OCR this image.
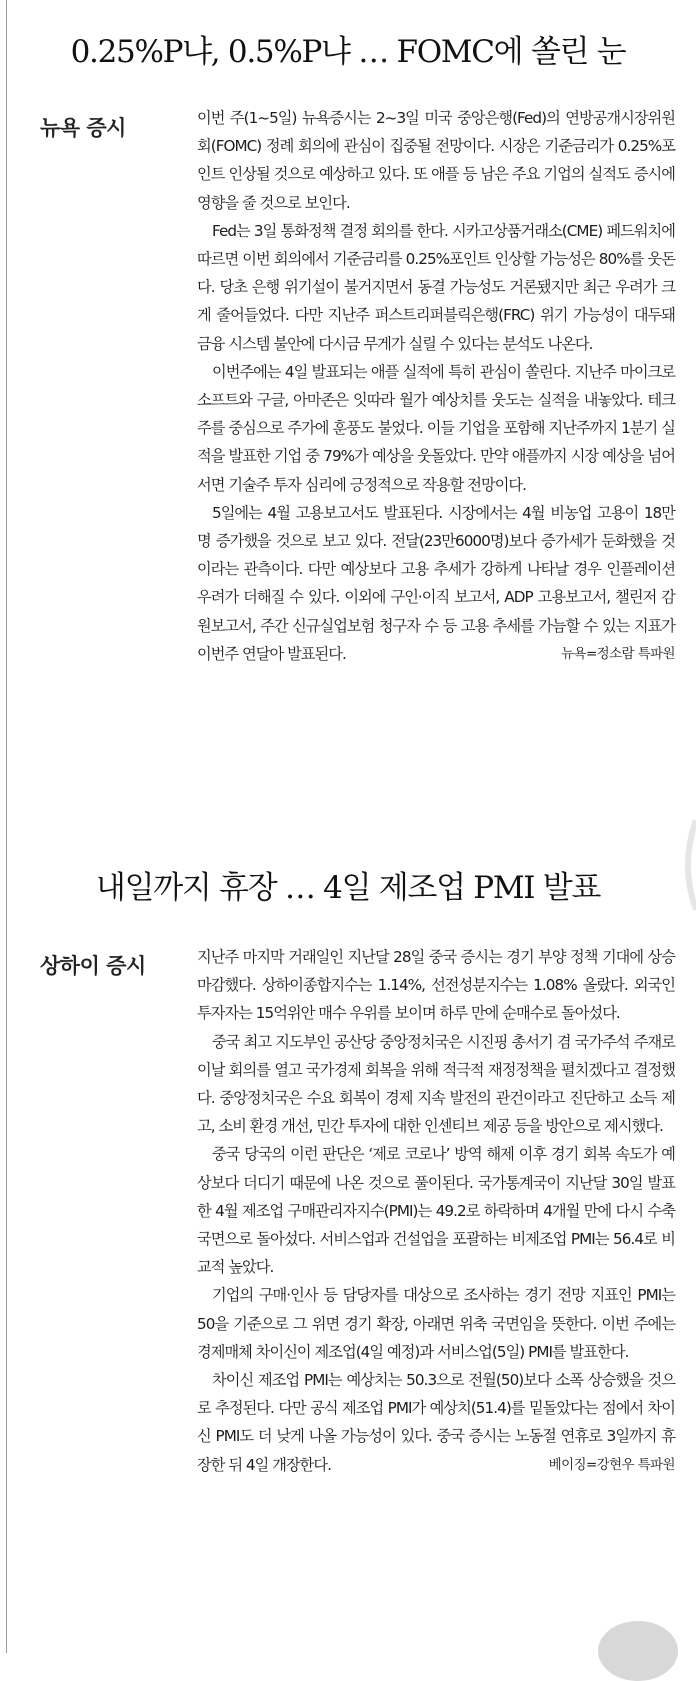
0.25%P냐, 0.5%P냐 … FOMC에 쏠린 눈
뉴욕 증시	이번 주(1~5일) 뉴욕증시는 2~3일 미국 중앙은행(Fed)의 연방공개시장위원회(FOMC) 정례 회의에 관심이 집중될 전망이다. 시장은 기준금리가 0.25%포인트 인상될 것으로 예상하고 있다. 또 애플 등 남은 주요 기업의 실적도 증시에 영향을 줄 것으로 보인다.

Fed는 3일 통화정책 결정 회의를 한다. 시카고상품거래소(CME) 페드워치에 따르면 이번 회의에서 기준금리를 0.25%포인트 인상할 가능성은 80%를 웃돈다. 당초 은행 위기설이 불거지면서 동결 가능성도 거론됐지만 최근 우려가 크게 줄어들었다. 다만 지난주 퍼스트리퍼블릭은행(FRC) 위기 가능성이 대두돼 금융 시스템 불안에 다시금 무게가 실릴 수 있다는 분석도 나온다.

이번주에는 4일 발표되는 애플 실적에 특히 관심이 쏠린다. 지난주 마이크로소프트와 구글, 아마존은 잇따라 월가 예상치를 웃도는 실적을 내놓았다. 테크주를 중심으로 주가에 훈풍도 불었다. 이들 기업을 포함해 지난주까지 1분기 실적을 발표한 기업 중 79%가 예상을 웃돌았다. 만약 애플까지 시장 예상을 넘어서면 기술주 투자 심리에 긍정적으로 작용할 전망이다.

5일에는 4월 고용보고서도 발표된다. 시장에서는 4월 비농업 고용이 18만 명 증가했을 것으로 보고 있다. 전달(23만6000명)보다 증가세가 둔화했을 것이라는 관측이다. 다만 예상보다 고용 추세가 강하게 나타날 경우 인플레이션 우려가 더해질 수 있다. 이외에 구인·이직 보고서, ADP 고용보고서, 챌린저 감원보고서, 주간 신규실업보험 청구자 수 등 고용 추세를 가늠할 수 있는 지표가 이번주 연달아 발표된다.	뉴욕=정소람 특파원

내일까지 휴장 … 4일 제조업 PMI 발표
상하이 증시	지난주 마지막 거래일인 지난달 28일 중국 증시는 경기 부양 정책 기대에 상승 마감했다. 상하이종합지수는 1.14%, 선전성분지수는 1.08% 올랐다. 외국인 투자자는 15억위안 매수 우위를 보이며 하루 만에 순매수로 돌아섰다.

중국 최고 지도부인 공산당 중앙정치국은 시진핑 총서기 겸 국가주석 주재로 이날 회의를 열고 국가경제 회복을 위해 적극적 재정정책을 펼치겠다고 결정했다. 중앙정치국은 수요 회복이 경제 지속 발전의 관건이라고 진단하고 소득 제고, 소비 환경 개선, 민간 투자에 대한 인센티브 제공 등을 방안으로 제시했다.

중국 당국의 이런 판단은 ‘제로 코로나’ 방역 해제 이후 경기 회복 속도가 예상보다 더디기 때문에 나온 것으로 풀이된다. 국가통계국이 지난달 30일 발표한 4월 제조업 구매관리자지수(PMI)는 49.2로 하락하며 4개월 만에 다시 수축 국면으로 돌아섰다. 서비스업과 건설업을 포괄하는 비제조업 PMI는 56.4로 비교적 높았다.

기업의 구매·인사 등 담당자를 대상으로 조사하는 경기 전망 지표인 PMI는 50을 기준으로 그 위면 경기 확장, 아래면 위축 국면임을 뜻한다. 이번 주에는 경제매체 차이신이 제조업(4일 예정)과 서비스업(5일) PMI를 발표한다.

차이신 제조업 PMI는 예상치는 50.3으로 전월(50)보다 소폭 상승했을 것으로 추정된다. 다만 공식 제조업 PMI가 예상치(51.4)를 밑돌았다는 점에서 차이신 PMI도 더 낮게 나올 가능성이 있다. 중국 증시는 노동절 연휴로 3일까지 휴장한 뒤 4일 개장한다.	베이징=강현우 특파원
